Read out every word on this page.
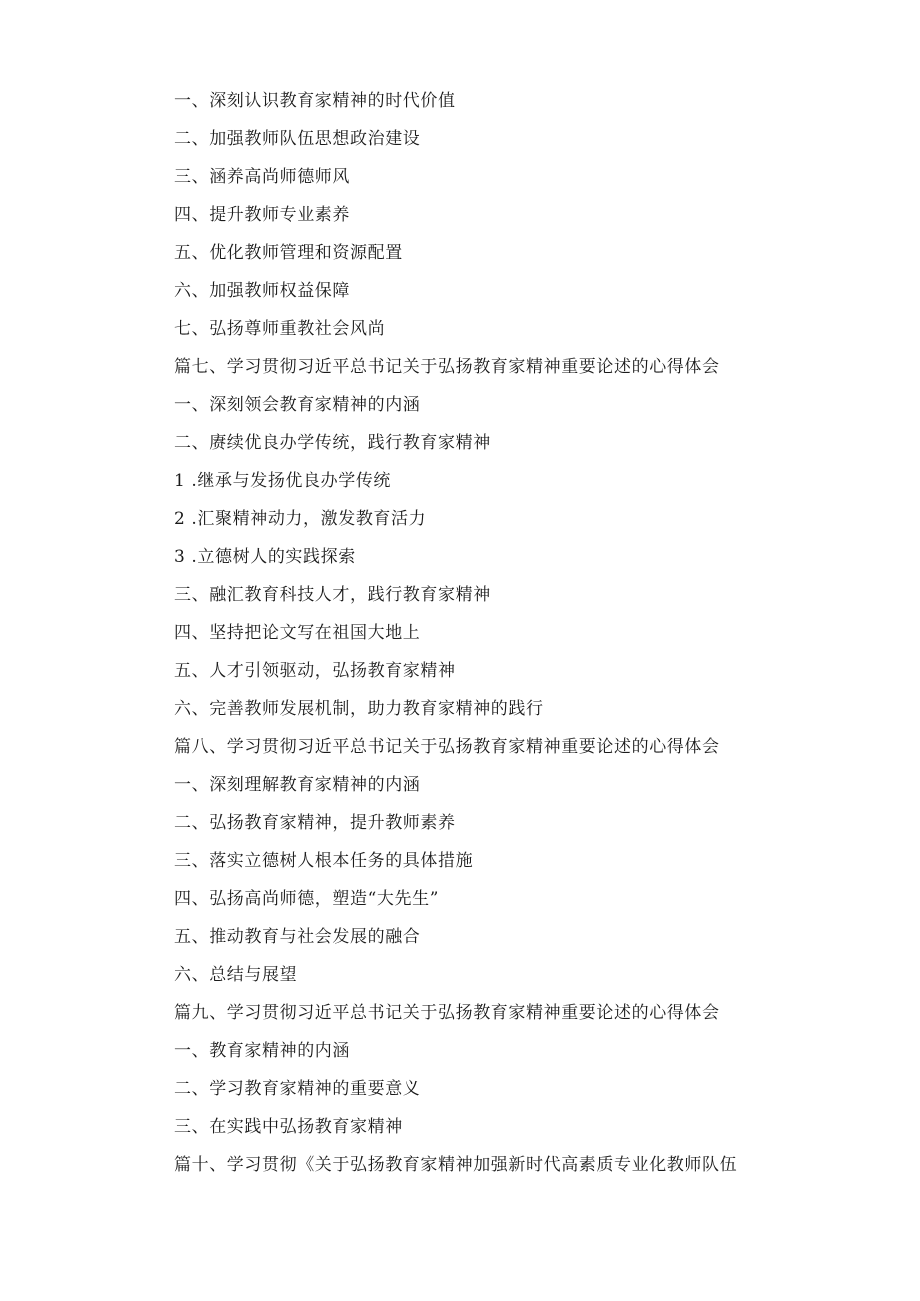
一、深刻认识教育家精神的时代价值
二、加强教师队伍思想政治建设
三、涵养高尚师德师风
四、提升教师专业素养
五、优化教师管理和资源配置
六、加强教师权益保障
七、弘扬尊师重教社会风尚
篇七、学习贯彻习近平总书记关于弘扬教育家精神重要论述的心得体会
一、深刻领会教育家精神的内涵
二、赓续优良办学传统，践行教育家精神
1 .继承与发扬优良办学传统
2 .汇聚精神动力，激发教育活力
3 .立德树人的实践探索
三、融汇教育科技人才，践行教育家精神
四、坚持把论文写在祖国大地上
五、人才引领驱动，弘扬教育家精神
六、完善教师发展机制，助力教育家精神的践行
篇八、学习贯彻习近平总书记关于弘扬教育家精神重要论述的心得体会
一、深刻理解教育家精神的内涵
二、弘扬教育家精神，提升教师素养
三、落实立德树人根本任务的具体措施
四、弘扬高尚师德，塑造“大先生”
五、推动教育与社会发展的融合
六、总结与展望
篇九、学习贯彻习近平总书记关于弘扬教育家精神重要论述的心得体会
一、教育家精神的内涵
二、学习教育家精神的重要意义
三、在实践中弘扬教育家精神
篇十、学习贯彻《关于弘扬教育家精神加强新时代高素质专业化教师队伍
